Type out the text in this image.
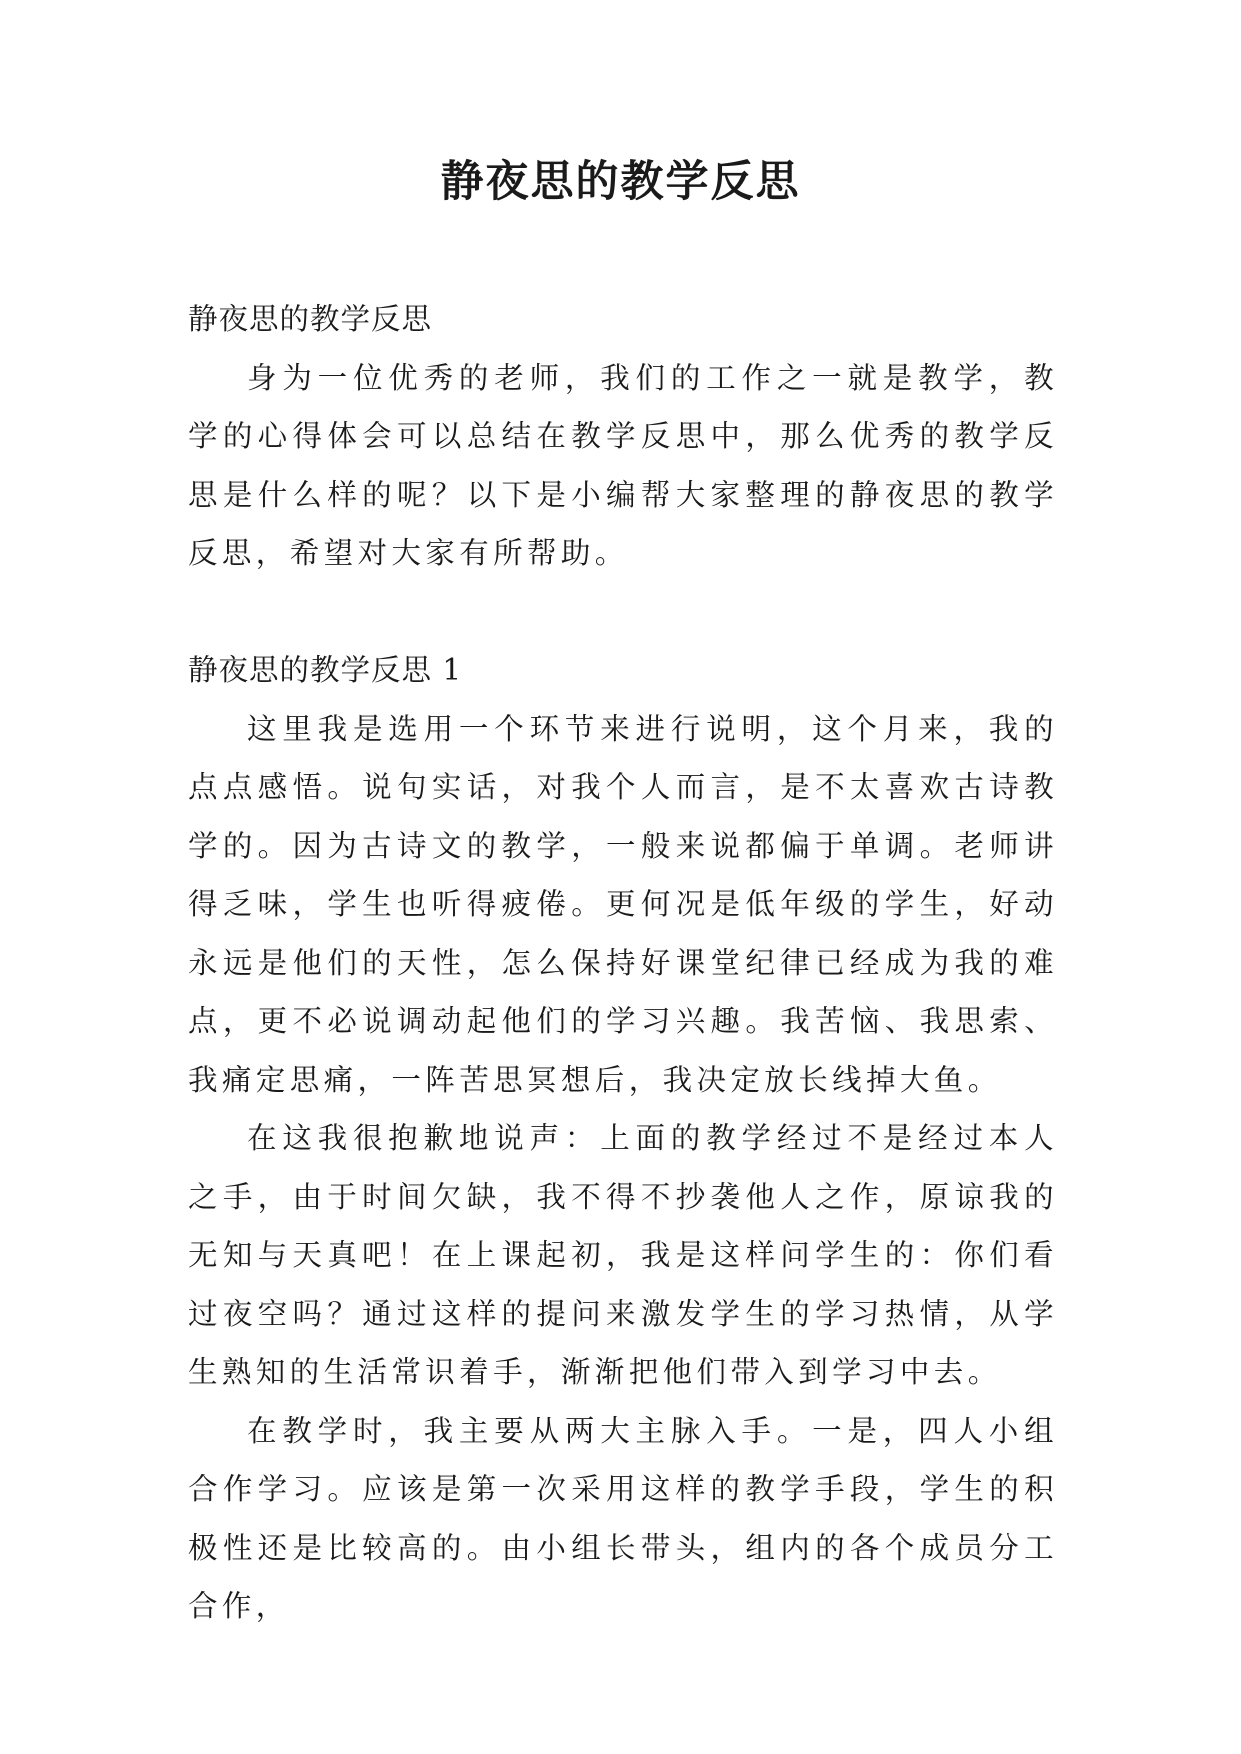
静夜思的教学反思

静夜思的教学反思

身为一位优秀的老师，我们的工作之一就是教学，教学的心得体会可以总结在教学反思中，那么优秀的教学反思是什么样的呢？以下是小编帮大家整理的静夜思的教学反思，希望对大家有所帮助。

静夜思的教学反思 1

这里我是选用一个环节来进行说明，这个月来，我的点点感悟。说句实话，对我个人而言，是不太喜欢古诗教学的。因为古诗文的教学，一般来说都偏于单调。老师讲得乏味，学生也听得疲倦。更何况是低年级的学生，好动永远是他们的天性，怎么保持好课堂纪律已经成为我的难点，更不必说调动起他们的学习兴趣。我苦恼、我思索、我痛定思痛，一阵苦思冥想后，我决定放长线掉大鱼。

在这我很抱歉地说声：上面的教学经过不是经过本人之手，由于时间欠缺，我不得不抄袭他人之作，原谅我的无知与天真吧！在上课起初，我是这样问学生的：你们看过夜空吗？通过这样的提问来激发学生的学习热情，从学生熟知的生活常识着手，渐渐把他们带入到学习中去。

在教学时，我主要从两大主脉入手。一是，四人小组合作学习。应该是第一次采用这样的教学手段，学生的积极性还是比较高的。由小组长带头，组内的各个成员分工合作，
